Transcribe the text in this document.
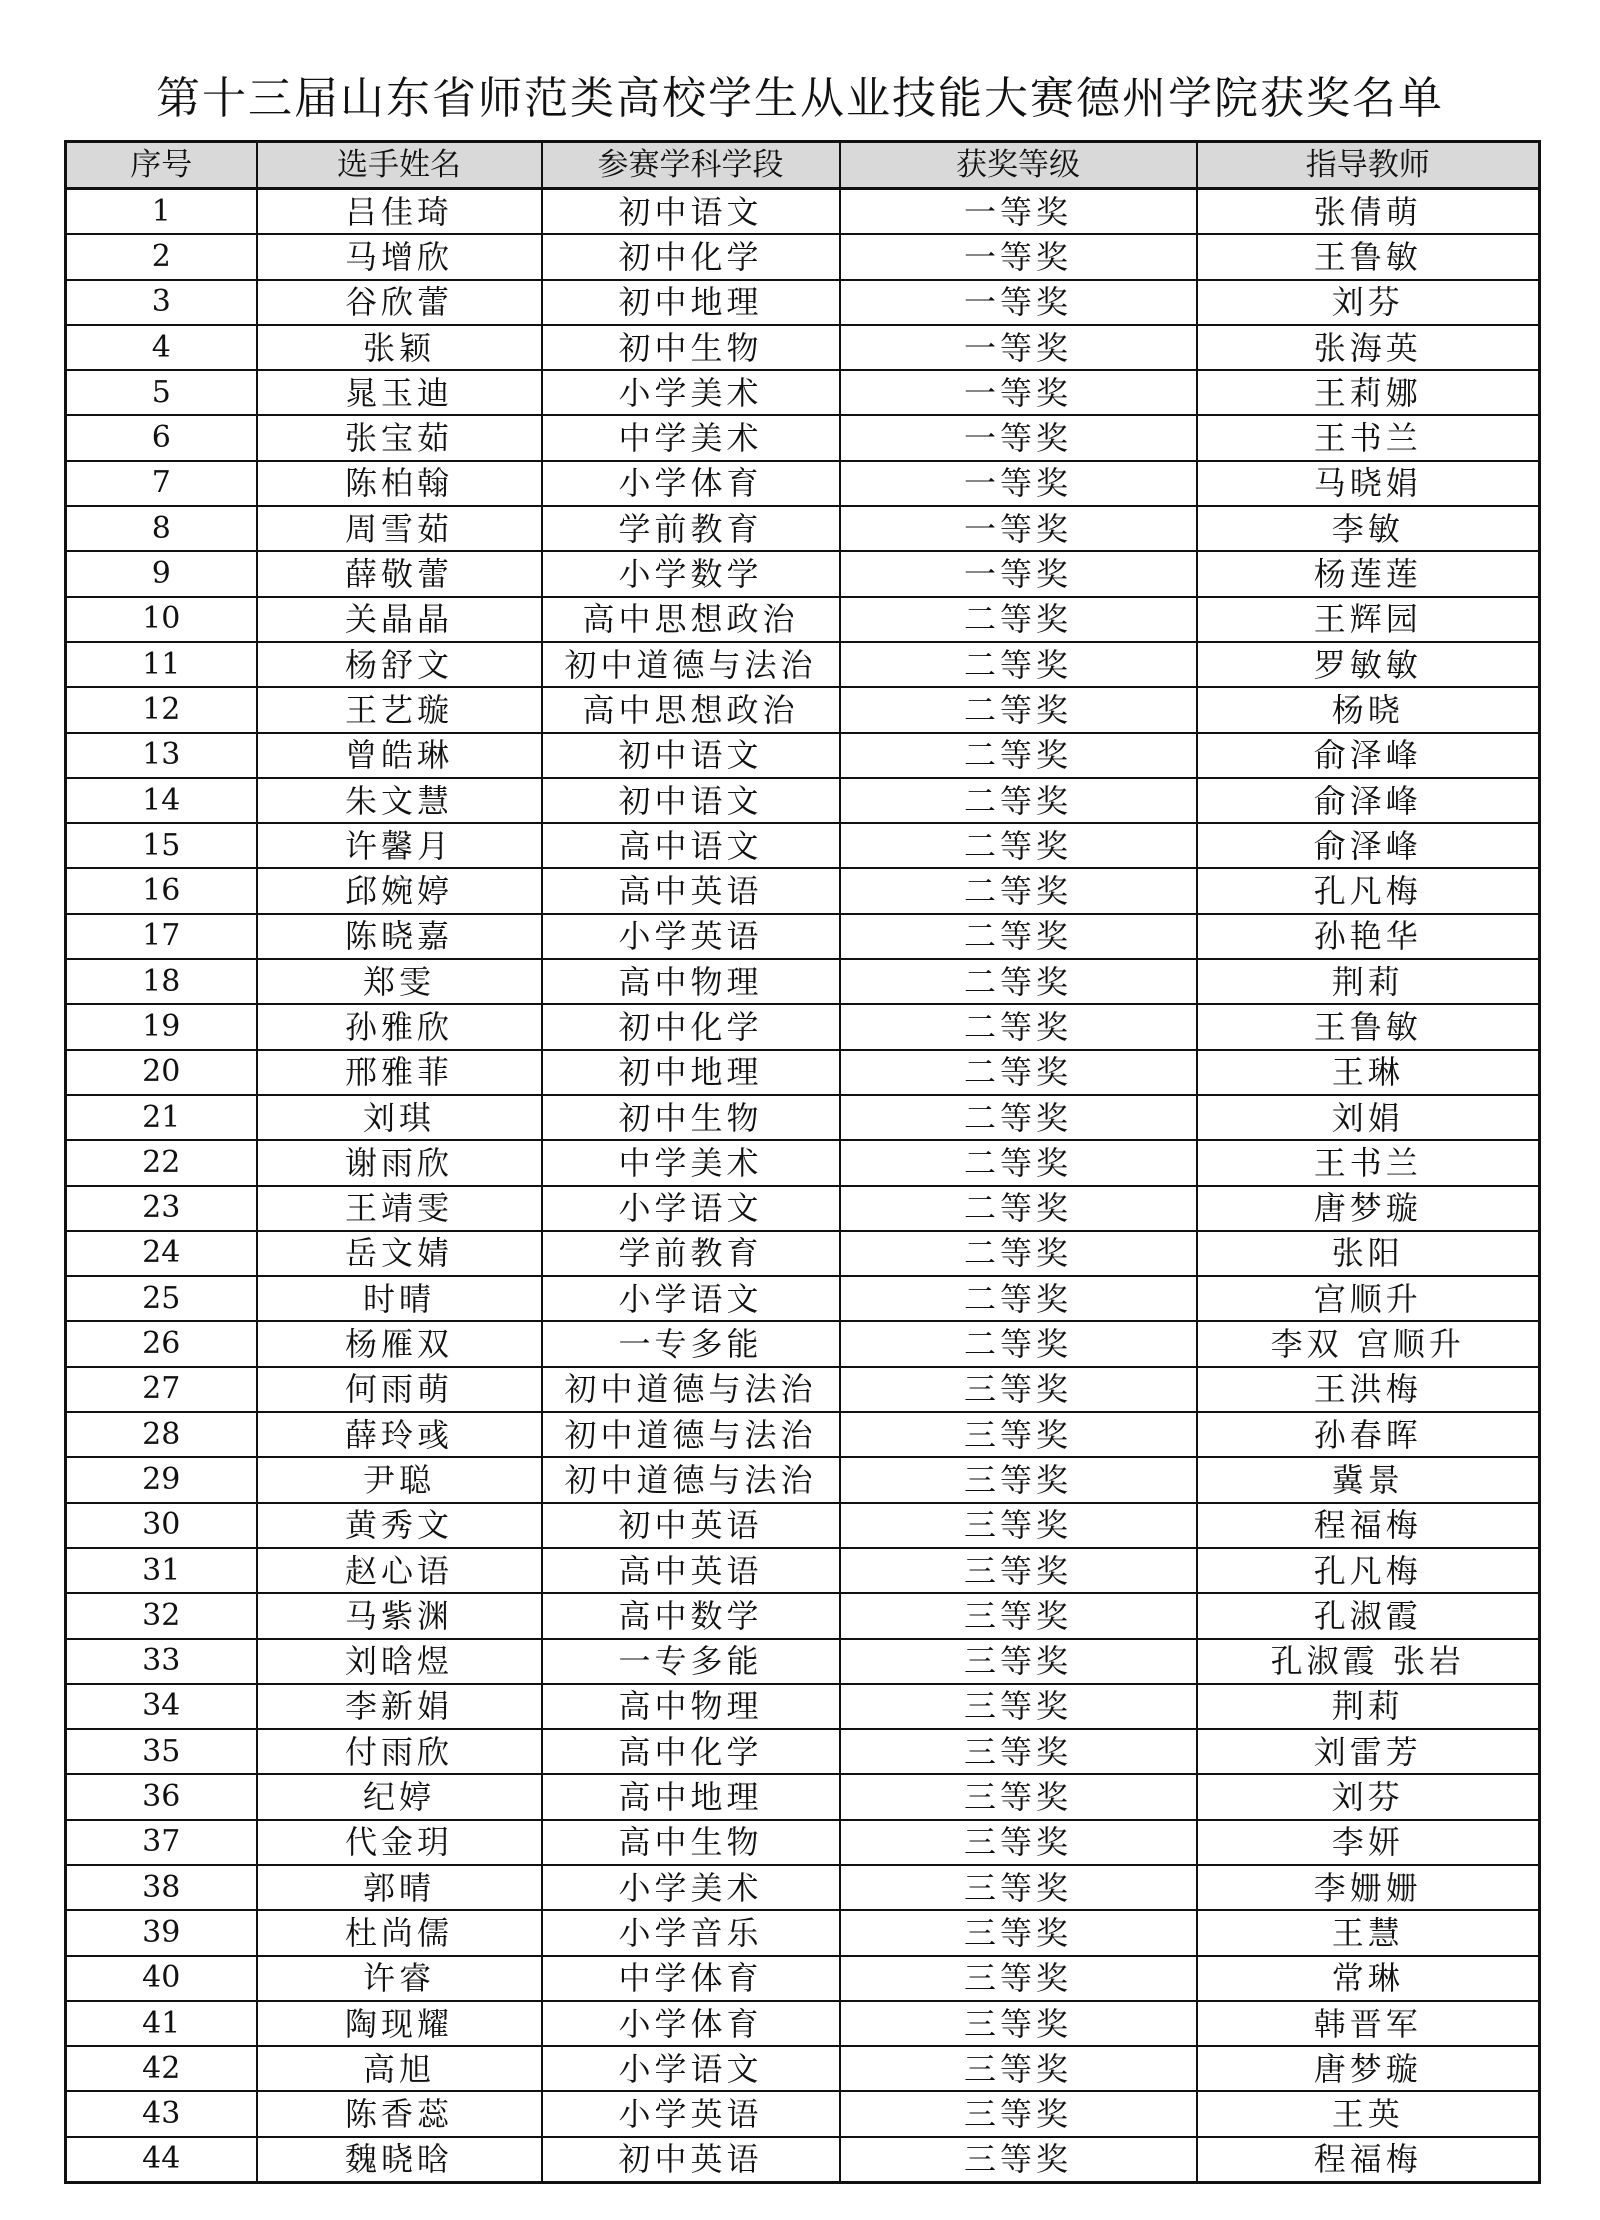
第十三届山东省师范类高校学生从业技能大赛德州学院获奖名单
序号	选手姓名	参赛学科学段	获奖等级	指导教师
1	吕佳琦	初中语文	一等奖	张倩萌
2	马增欣	初中化学	一等奖	王鲁敏
3	谷欣蕾	初中地理	一等奖	刘芬
4	张颖	初中生物	一等奖	张海英
5	晁玉迪	小学美术	一等奖	王莉娜
6	张宝茹	中学美术	一等奖	王书兰
7	陈柏翰	小学体育	一等奖	马晓娟
8	周雪茹	学前教育	一等奖	李敏
9	薛敬蕾	小学数学	一等奖	杨莲莲
10	关晶晶	高中思想政治	二等奖	王辉园
11	杨舒文	初中道德与法治	二等奖	罗敏敏
12	王艺璇	高中思想政治	二等奖	杨晓
13	曾皓琳	初中语文	二等奖	俞泽峰
14	朱文慧	初中语文	二等奖	俞泽峰
15	许馨月	高中语文	二等奖	俞泽峰
16	邱婉婷	高中英语	二等奖	孔凡梅
17	陈晓嘉	小学英语	二等奖	孙艳华
18	郑雯	高中物理	二等奖	荆莉
19	孙雅欣	初中化学	二等奖	王鲁敏
20	邢雅菲	初中地理	二等奖	王琳
21	刘琪	初中生物	二等奖	刘娟
22	谢雨欣	中学美术	二等奖	王书兰
23	王靖雯	小学语文	二等奖	唐梦璇
24	岳文婧	学前教育	二等奖	张阳
25	时晴	小学语文	二等奖	宫顺升
26	杨雁双	一专多能	二等奖	李双 宫顺升
27	何雨萌	初中道德与法治	三等奖	王洪梅
28	薛玲彧	初中道德与法治	三等奖	孙春晖
29	尹聪	初中道德与法治	三等奖	冀景
30	黄秀文	初中英语	三等奖	程福梅
31	赵心语	高中英语	三等奖	孔凡梅
32	马紫渊	高中数学	三等奖	孔淑霞
33	刘晗煜	一专多能	三等奖	孔淑霞 张岩
34	李新娟	高中物理	三等奖	荆莉
35	付雨欣	高中化学	三等奖	刘雷芳
36	纪婷	高中地理	三等奖	刘芬
37	代金玥	高中生物	三等奖	李妍
38	郭晴	小学美术	三等奖	李姗姗
39	杜尚儒	小学音乐	三等奖	王慧
40	许睿	中学体育	三等奖	常琳
41	陶现耀	小学体育	三等奖	韩晋军
42	高旭	小学语文	三等奖	唐梦璇
43	陈香蕊	小学英语	三等奖	王英
44	魏晓晗	初中英语	三等奖	程福梅
